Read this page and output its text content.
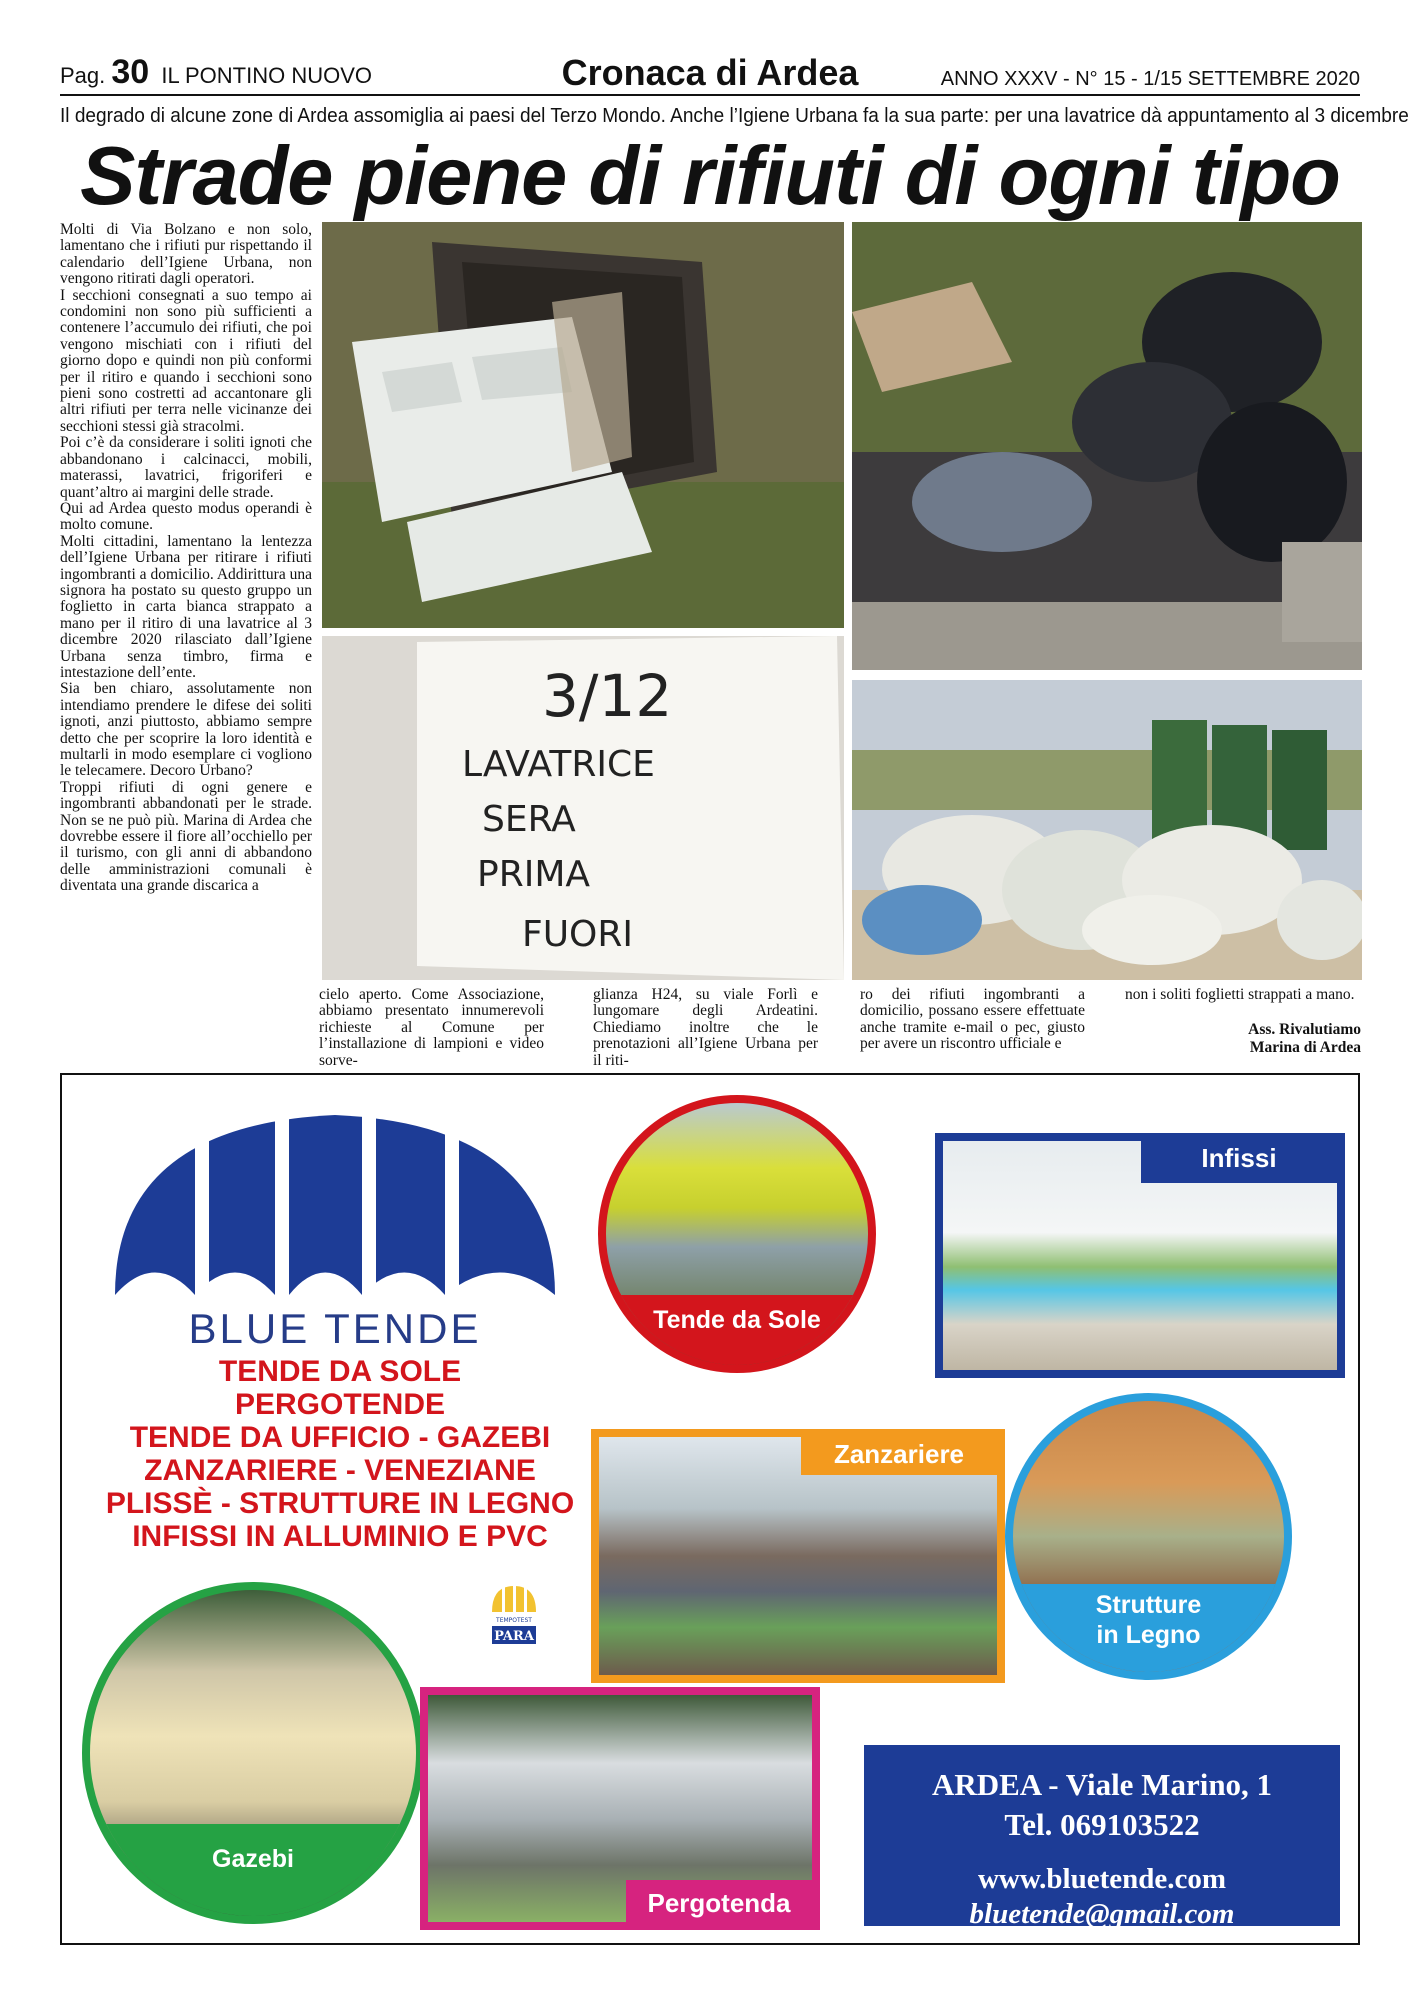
Pag. 30 IL PONTINO NUOVO	Cronaca di Ardea	ANNO XXXV - N° 15 - 1/15 SETTEMBRE 2020
Il degrado di alcune zone di Ardea assomiglia ai paesi del Terzo Mondo. Anche l’Igiene Urbana fa la sua parte: per una lavatrice dà appuntamento al 3 dicembre
Strade piene di rifiuti di ogni tipo

Molti di Via Bolzano e non solo, lamentano che i rifiuti pur rispettando il calendario dell’Igiene Urbana, non vengono ritirati dagli operatori.

I secchioni consegnati a suo tempo ai condomini non sono più sufficienti a contenere l’accumulo dei rifiuti, che poi vengono mischiati con i rifiuti del giorno dopo e quindi non più conformi per il ritiro e quando i secchioni sono pieni sono costretti ad accantonare gli altri rifiuti per terra nelle vicinanze dei secchioni stessi già stracolmi.

Poi c’è da considerare i soliti ignoti che abbandonano i calcinacci, mobili, materassi, lavatrici, frigoriferi e quant’altro ai margini delle strade.

Qui ad Ardea questo modus operandi è molto comune.

Molti cittadini, lamentano la lentezza dell’Igiene Urbana per ritirare i rifiuti ingombranti a domicilio. Addirittura una signora ha postato su questo gruppo un foglietto in carta bianca strappato a mano per il ritiro di una lavatrice al 3 dicembre 2020 rilasciato dall’Igiene Urbana senza timbro, firma e intestazione dell’ente.

Sia ben chiaro, assolutamente non intendiamo prendere le difese dei soliti ignoti, anzi piuttosto, abbiamo sempre detto che per scoprire la loro identità e multarli in modo esemplare ci vogliono le telecamere. Decoro Urbano?

Troppi rifiuti di ogni genere e ingombranti abbandonati per le strade. Non se ne può più. Marina di Ardea che dovrebbe essere il fiore all’occhiello per il turismo, con gli anni di abbandono delle amministrazioni comunali è diventata una grande discarica a

3/12
LAVATRICE
SERA
PRIMA
FUORI
cielo aperto. Come Associazione, abbiamo presentato innumerevoli richieste al Comune per l’installazione di lampioni e video sorve-
glianza H24, su viale Forlì e lungomare degli Ardeatini. Chiediamo inoltre che le prenotazioni all’Igiene Urbana per il riti-
ro dei rifiuti ingombranti a domicilio, possano essere effettuate anche tramite e-mail o pec, giusto per avere un riscontro ufficiale e
non i soliti foglietti strappati a mano.
Ass. Rivalutiamo
Marina di Ardea
BLUE TENDE
TENDE DA SOLE
PERGOTENDE
TENDE DA UFFICIO - GAZEBI
ZANZARIERE - VENEZIANE
PLISSÈ - STRUTTURE IN LEGNO
INFISSI IN ALLUMINIO E PVC
TEMPOTEST
PARA
Tende da Sole
Infissi
Zanzariere
Strutture
in Legno
Gazebi
Pergotenda
ARDEA - Viale Marino, 1
Tel. 069103522
www.bluetende.com
bluetende@gmail.com
